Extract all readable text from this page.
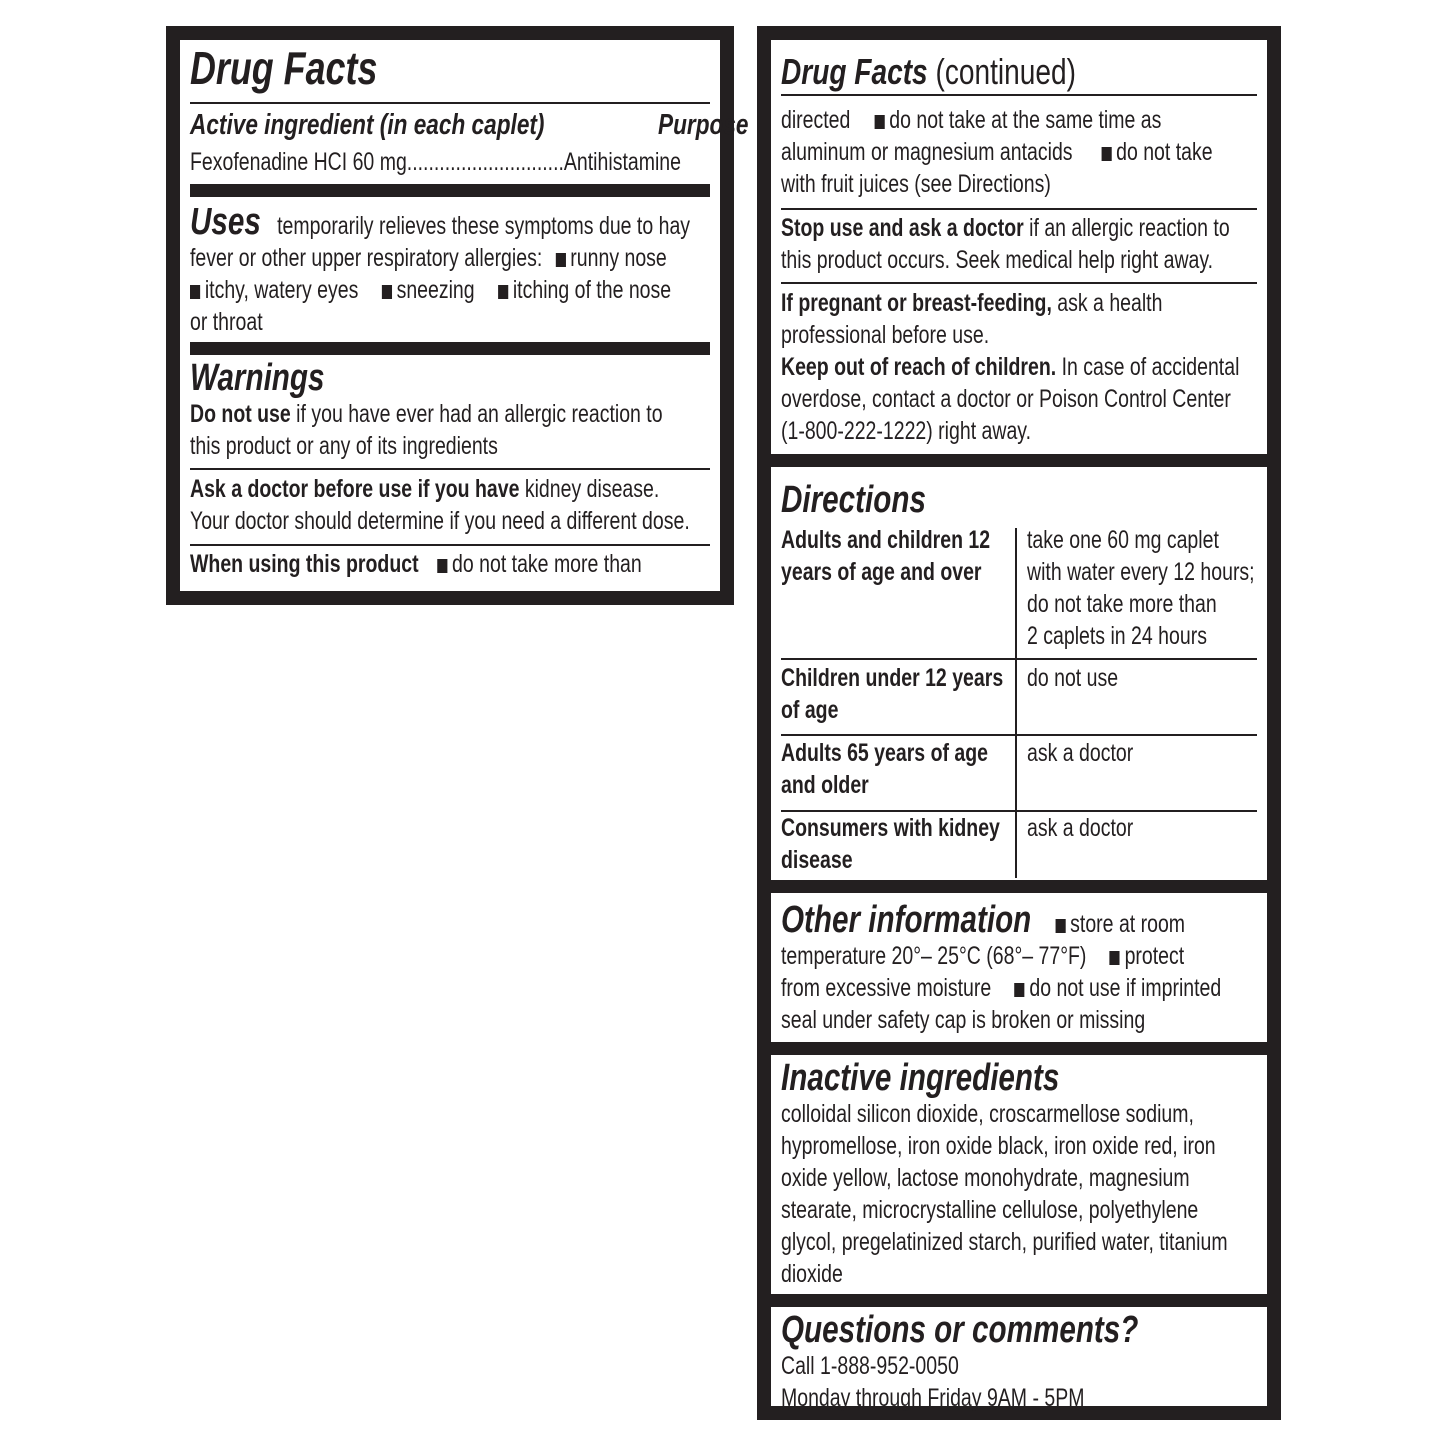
Drug Facts
Active ingredient (in each caplet)	Purpose
Fexofenadine HCI 60 mg.............................Antihistamine
Uses temporarily relieves these symptoms due to hay
fever or other upper respiratory allergies: runny nose
itchy, watery eyes sneezing itching of the nose
or throat
Warnings
Do not use if you have ever had an allergic reaction to
this product or any of its ingredients
Ask a doctor before use if you have kidney disease.
Your doctor should determine if you need a different dose.
When using this product do not take more than
Drug Facts (continued)
directed do not take at the same time as
aluminum or magnesium antacids do not take
with fruit juices (see Directions)
Stop use and ask a doctor if an allergic reaction to
this product occurs. Seek medical help right away.
If pregnant or breast-feeding, ask a health
professional before use.
Keep out of reach of children. In case of accidental
overdose, contact a doctor or Poison Control Center
(1-800-222-1222) right away.
Directions
Adults and children 12
years of age and over
take one 60 mg caplet
with water every 12 hours;
do not take more than
2 caplets in 24 hours
Children under 12 years
of age
do not use
Adults 65 years of age
and older
ask a doctor
Consumers with kidney
disease
ask a doctor
Other information store at room
temperature 20°– 25°C (68°– 77°F) protect
from excessive moisture do not use if imprinted
seal under safety cap is broken or missing
Inactive ingredients
colloidal silicon dioxide, croscarmellose sodium,
hypromellose, iron oxide black, iron oxide red, iron
oxide yellow, lactose monohydrate, magnesium
stearate, microcrystalline cellulose, polyethylene
glycol, pregelatinized starch, purified water, titanium
dioxide
Questions or comments?
Call 1-888-952-0050
Monday through Friday 9AM - 5PM
